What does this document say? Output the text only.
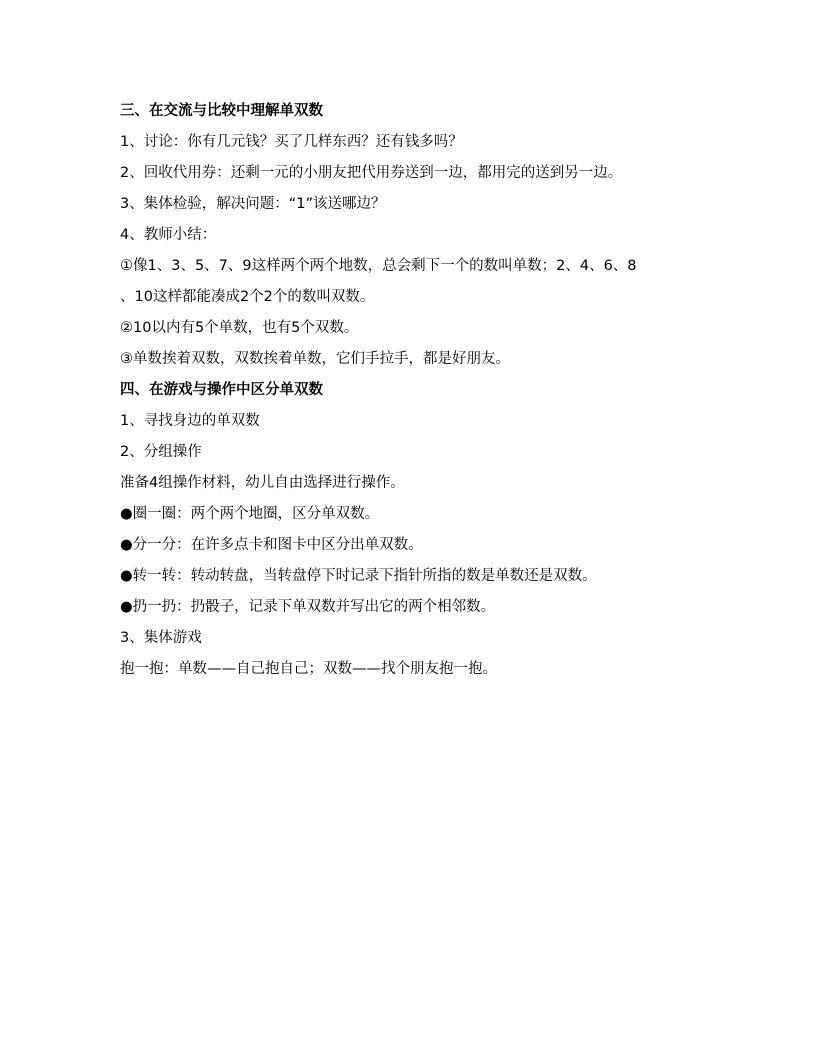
三、在交流与比较中理解单双数
1、讨论：你有几元钱？买了几样东西？还有钱多吗？
2、回收代用券：还剩一元的小朋友把代用券送到一边，都用完的送到另一边。
3、集体检验，解决问题：“1”该送哪边？
4、教师小结：
①像1、3、5、7、9这样两个两个地数，总会剩下一个的数叫单数；2、4、6、8
、10这样都能凑成2个2个的数叫双数。
②10以内有5个单数，也有5个双数。
③单数挨着双数，双数挨着单数，它们手拉手，都是好朋友。
四、在游戏与操作中区分单双数
1、寻找身边的单双数
2、分组操作
准备4组操作材料，幼儿自由选择进行操作。
●圈一圈：两个两个地圈，区分单双数。
●分一分：在许多点卡和图卡中区分出单双数。
●转一转：转动转盘，当转盘停下时记录下指针所指的数是单数还是双数。
●扔一扔：扔骰子，记录下单双数并写出它的两个相邻数。
3、集体游戏
抱一抱：单数——自己抱自己；双数——找个朋友抱一抱。
